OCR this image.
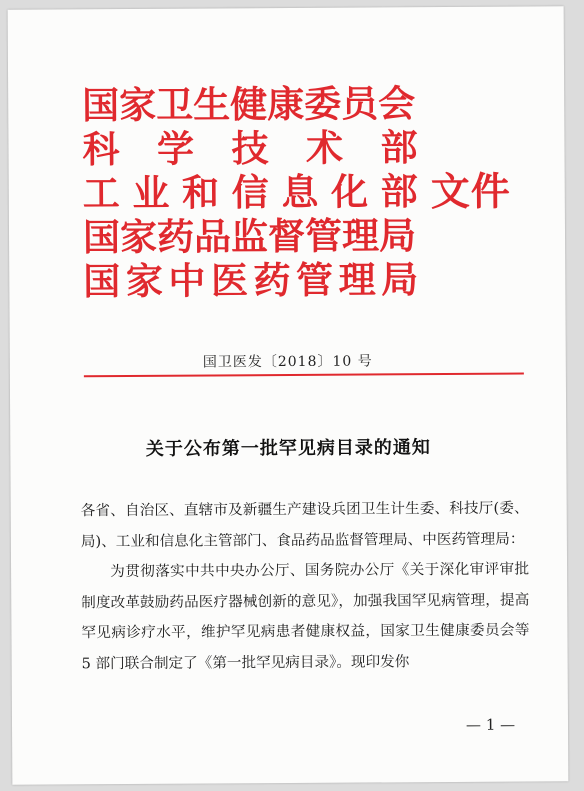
国家卫生健康委员会
科 学 技 术 部
工 业 和 信 息 化 部 文件
国家药品监督管理局
国 家 中 医 药 管 理 局
国卫医发〔2018〕10 号
关于公布第一批罕见病目录的通知

各省、自治区、直辖市及新疆生产建设兵团卫生计生委、科技厅(委、局)、工业和信息化主管部门、食品药品监督管理局、中医药管理局：

为贯彻落实中共中央办公厅、国务院办公厅《关于深化审评审批制度改革鼓励药品医疗器械创新的意见》，加强我国罕见病管理，提高罕见病诊疗水平，维护罕见病患者健康权益，国家卫生健康委员会等 5 部门联合制定了《第一批罕见病目录》。现印发你

— 1 —
